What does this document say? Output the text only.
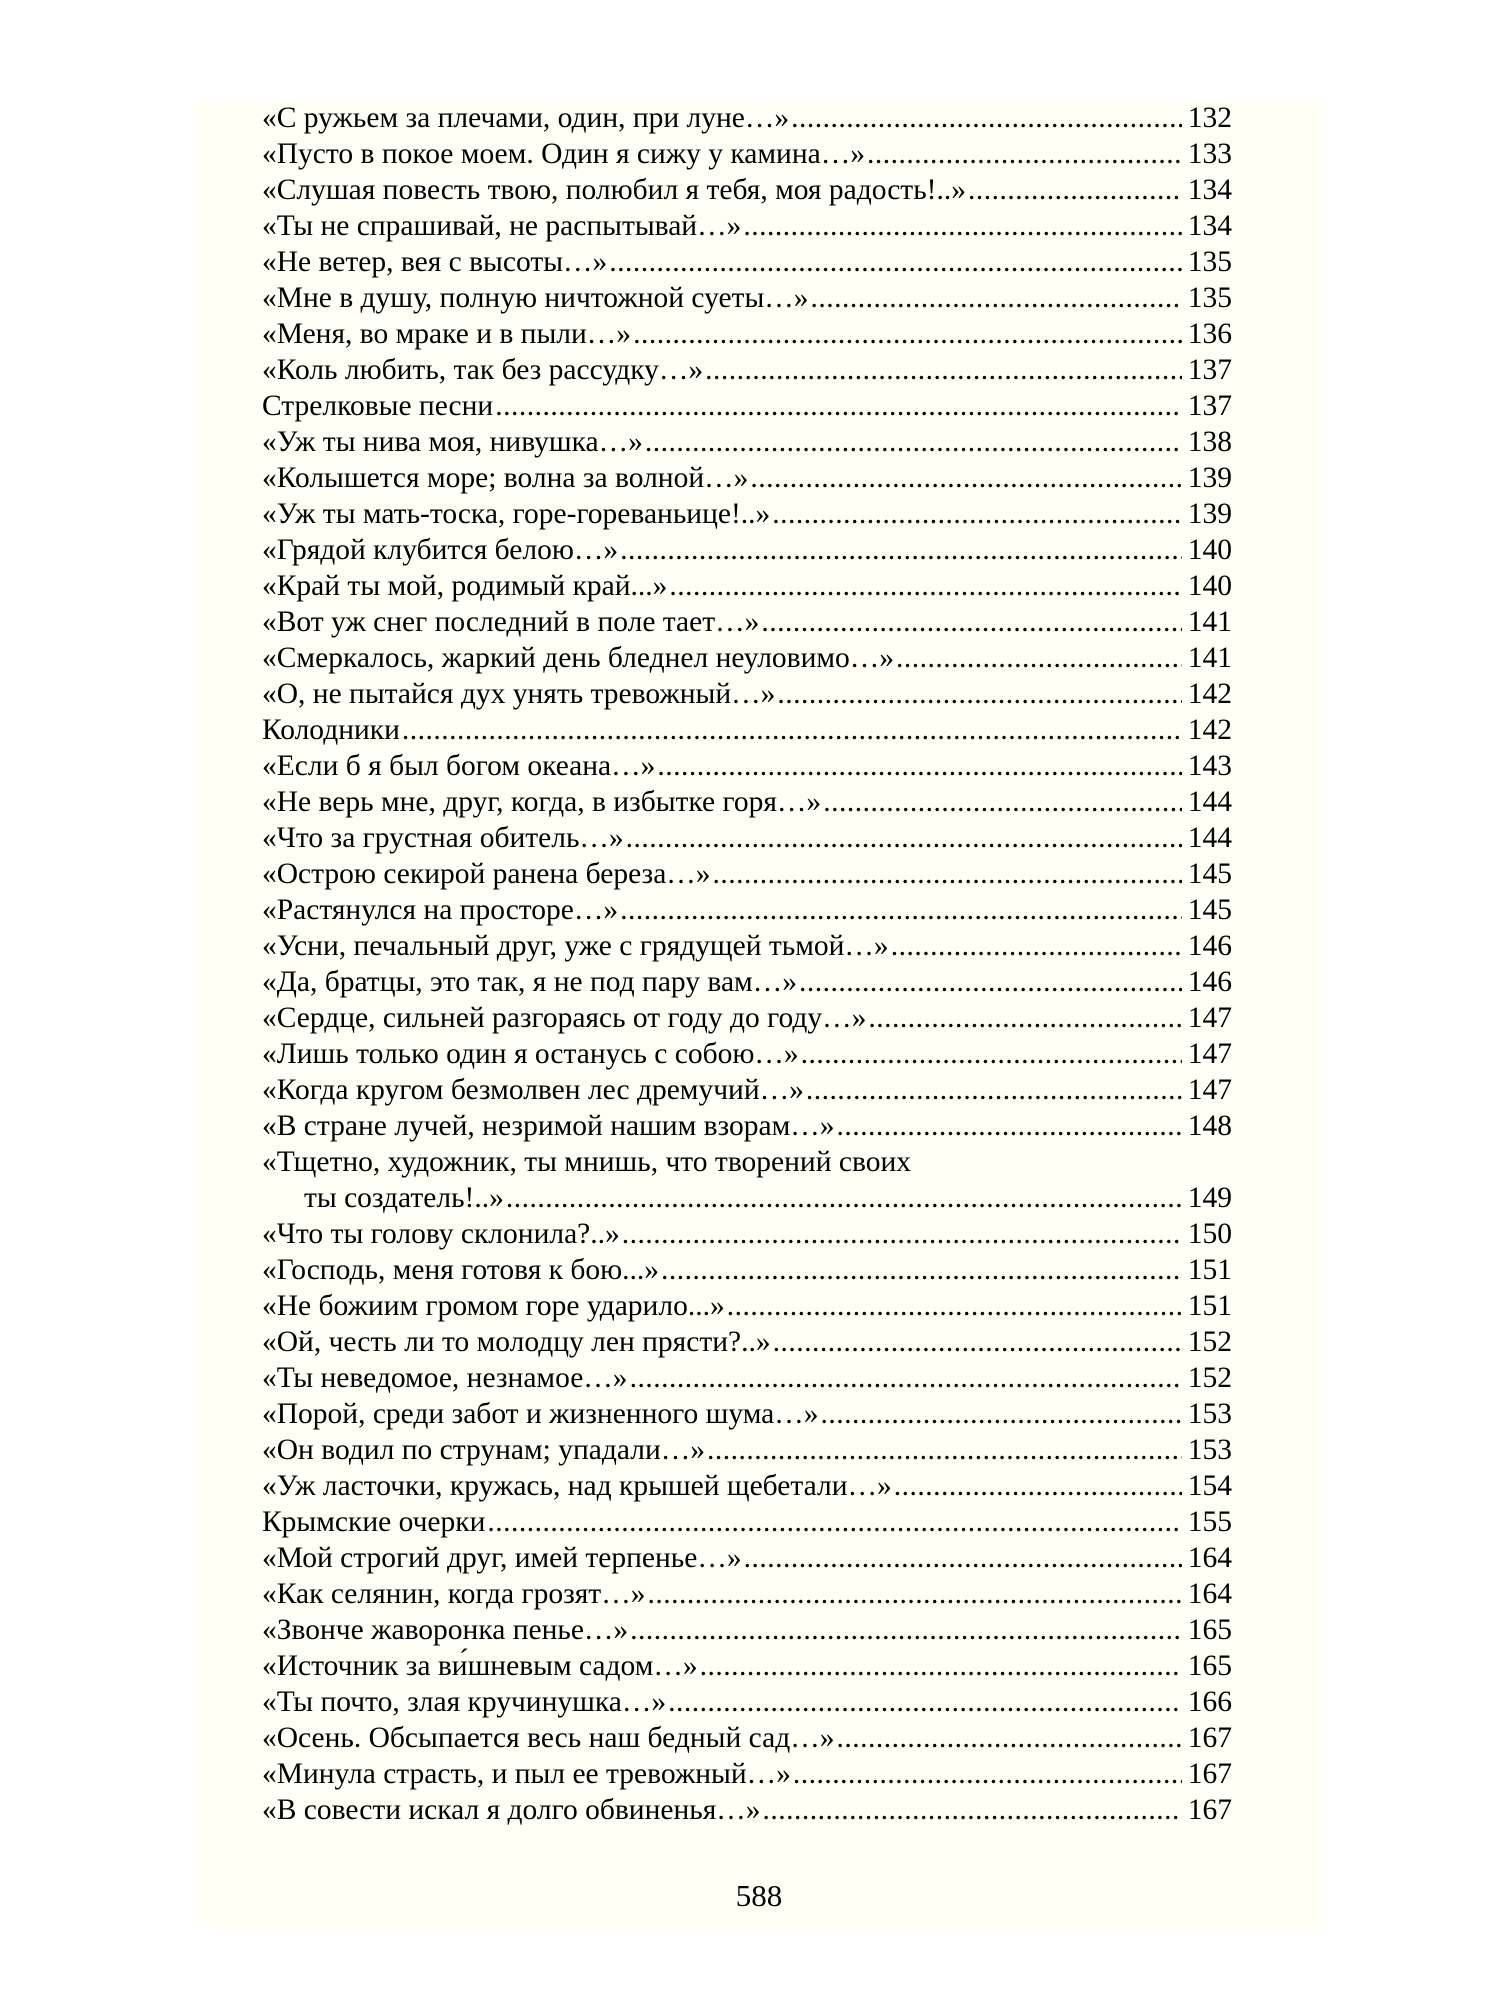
«С ружьем за плечами, один, при луне…» .....	132
«Пусто в покое моем. Один я сижу у камина…» .....	133
«Слушая повесть твою, полюбил я тебя, моя радость!..» .....	134
«Ты не спрашивай, не распытывай…» .....	134
«Не ветер, вея с высоты…» .....	135
«Мне в душу, полную ничтожной суеты…» .....	135
«Меня, во мраке и в пыли…» .....	136
«Коль любить, так без рассудку…» .....	137
Стрелковые песни .....	137
«Уж ты нива моя, нивушка…» .....	138
«Колышется море; волна за волной…» .....	139
«Уж ты мать-тоска, горе-гореваньице!..» .....	139
«Грядой клубится белою…» .....	140
«Край ты мой, родимый край...» .....	140
«Вот уж снег последний в поле тает…» .....	141
«Смеркалось, жаркий день бледнел неуловимо…» .....	141
«О, не пытайся дух унять тревожный…» .....	142
Колодники .....	142
«Если б я был богом океана…» .....	143
«Не верь мне, друг, когда, в избытке горя…» .....	144
«Что за грустная обитель…» .....	144
«Острою секирой ранена береза…» .....	145
«Растянулся на просторе…» .....	145
«Усни, печальный друг, уже с грядущей тьмой…» .....	146
«Да, братцы, это так, я не под пару вам…» .....	146
«Сердце, сильней разгораясь от году до году…» .....	147
«Лишь только один я останусь с собою…» .....	147
«Когда кругом безмолвен лес дремучий…» .....	147
«В стране лучей, незримой нашим взорам…» .....	148
«Тщетно, художник, ты мнишь, что творений своих
ты создатель!..» .....	149
«Что ты голову склонила?..» .....	150
«Господь, меня готовя к бою...» .....	151
«Не божиим громом горе ударило...» .....	151
«Ой, честь ли то молодцу лен прясти?..» .....	152
«Ты неведомое, незнамое…» .....	152
«Порой, среди забот и жизненного шума…» .....	153
«Он водил по струнам; упадали…» .....	153
«Уж ласточки, кружась, над крышей щебетали…» .....	154
Крымские очерки .....	155
«Мой строгий друг, имей терпенье…» .....	164
«Как селянин, когда грозят…» .....	164
«Звонче жаворонка пенье…» .....	165
«Источник за ви́шневым садом…» .....	165
«Ты почто, злая кручинушка…» .....	166
«Осень. Обсыпается весь наш бедный сад…» .....	167
«Минула страсть, и пыл ее тревожный…» .....	167
«В совести искал я долго обвиненья…» .....	167
588
